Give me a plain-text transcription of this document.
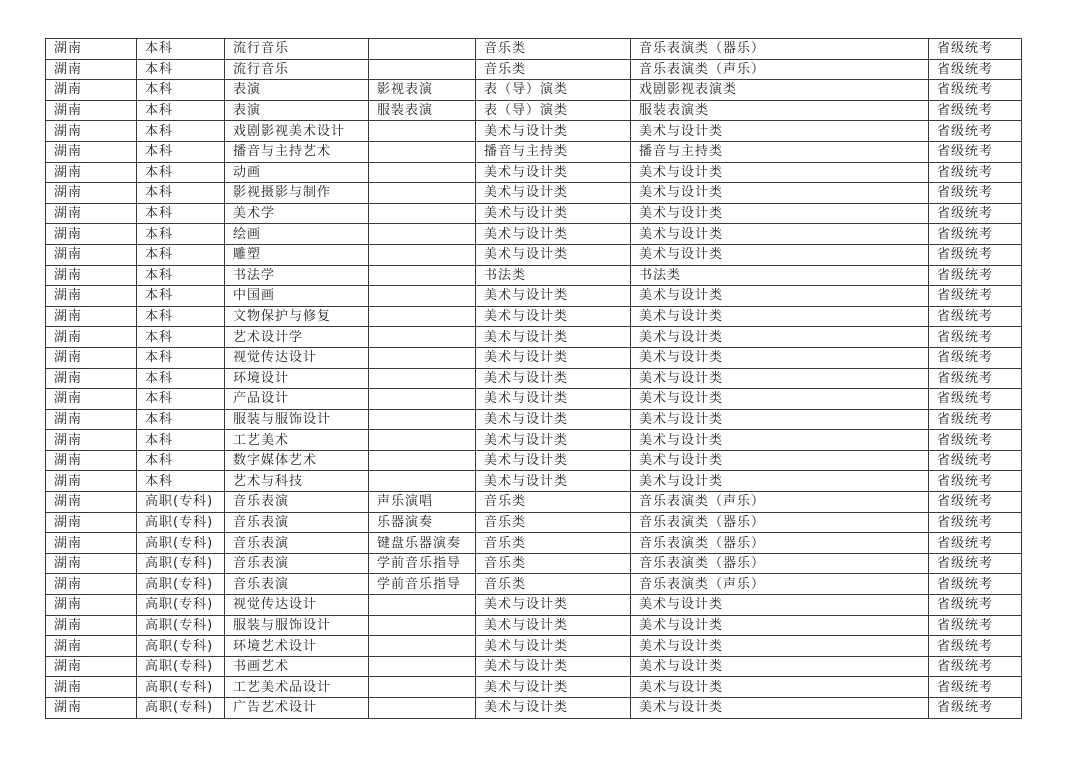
湖南	本科	流行音乐		音乐类	音乐表演类（器乐）	省级统考
湖南	本科	流行音乐		音乐类	音乐表演类（声乐）	省级统考
湖南	本科	表演	影视表演	表（导）演类	戏剧影视表演类	省级统考
湖南	本科	表演	服装表演	表（导）演类	服装表演类	省级统考
湖南	本科	戏剧影视美术设计		美术与设计类	美术与设计类	省级统考
湖南	本科	播音与主持艺术		播音与主持类	播音与主持类	省级统考
湖南	本科	动画		美术与设计类	美术与设计类	省级统考
湖南	本科	影视摄影与制作		美术与设计类	美术与设计类	省级统考
湖南	本科	美术学		美术与设计类	美术与设计类	省级统考
湖南	本科	绘画		美术与设计类	美术与设计类	省级统考
湖南	本科	雕塑		美术与设计类	美术与设计类	省级统考
湖南	本科	书法学		书法类	书法类	省级统考
湖南	本科	中国画		美术与设计类	美术与设计类	省级统考
湖南	本科	文物保护与修复		美术与设计类	美术与设计类	省级统考
湖南	本科	艺术设计学		美术与设计类	美术与设计类	省级统考
湖南	本科	视觉传达设计		美术与设计类	美术与设计类	省级统考
湖南	本科	环境设计		美术与设计类	美术与设计类	省级统考
湖南	本科	产品设计		美术与设计类	美术与设计类	省级统考
湖南	本科	服装与服饰设计		美术与设计类	美术与设计类	省级统考
湖南	本科	工艺美术		美术与设计类	美术与设计类	省级统考
湖南	本科	数字媒体艺术		美术与设计类	美术与设计类	省级统考
湖南	本科	艺术与科技		美术与设计类	美术与设计类	省级统考
湖南	高职(专科)	音乐表演	声乐演唱	音乐类	音乐表演类（声乐）	省级统考
湖南	高职(专科)	音乐表演	乐器演奏	音乐类	音乐表演类（器乐）	省级统考
湖南	高职(专科)	音乐表演	键盘乐器演奏	音乐类	音乐表演类（器乐）	省级统考
湖南	高职(专科)	音乐表演	学前音乐指导	音乐类	音乐表演类（器乐）	省级统考
湖南	高职(专科)	音乐表演	学前音乐指导	音乐类	音乐表演类（声乐）	省级统考
湖南	高职(专科)	视觉传达设计		美术与设计类	美术与设计类	省级统考
湖南	高职(专科)	服装与服饰设计		美术与设计类	美术与设计类	省级统考
湖南	高职(专科)	环境艺术设计		美术与设计类	美术与设计类	省级统考
湖南	高职(专科)	书画艺术		美术与设计类	美术与设计类	省级统考
湖南	高职(专科)	工艺美术品设计		美术与设计类	美术与设计类	省级统考
湖南	高职(专科)	广告艺术设计		美术与设计类	美术与设计类	省级统考
